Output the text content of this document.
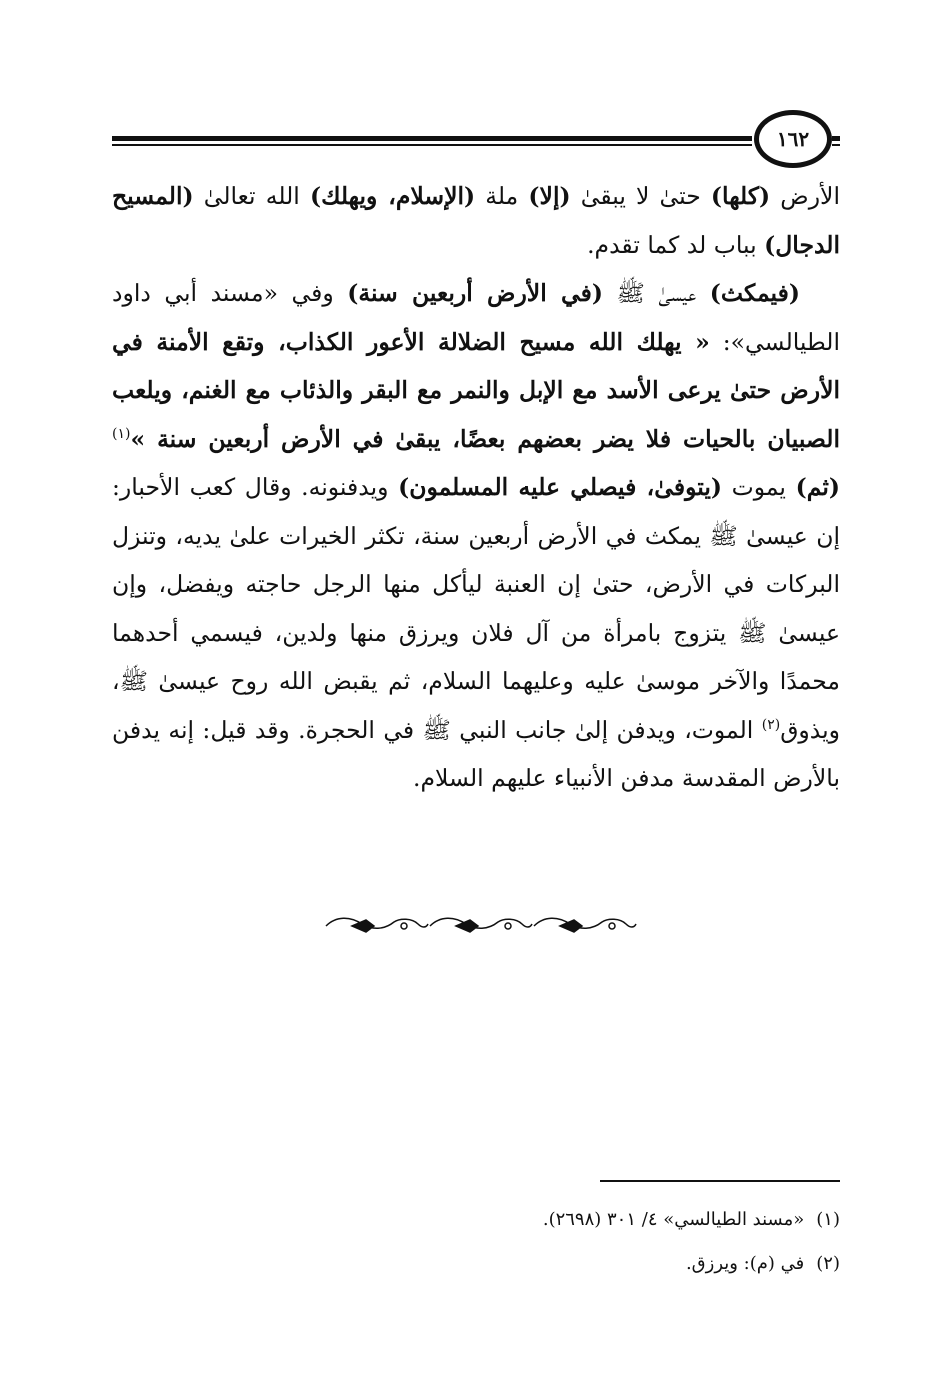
١٦٢

الأرض (كلها) حتىٰ لا يبقىٰ (إلا) ملة (الإسلام، ويهلك) الله تعالىٰ (المسيح الدجال) بباب لد كما تقدم.

(فيمكث) عيسىٰ ﷺ (في الأرض أربعين سنة) وفي «مسند أبي داود الطيالسي»: « يهلك الله مسيح الضلالة الأعور الكذاب، وتقع الأمنة في الأرض حتىٰ يرعى الأسد مع الإبل والنمر مع البقر والذئاب مع الغنم، ويلعب الصبيان بالحيات فلا يضر بعضهم بعضًا، يبقىٰ في الأرض أربعين سنة »$^{(١)}$ (ثم) يموت (يتوفىٰ، فيصلي عليه المسلمون) ويدفنونه. وقال كعب الأحبار: إن عيسىٰ ﷺ يمكث في الأرض أربعين سنة، تكثر الخيرات علىٰ يديه، وتنزل البركات في الأرض، حتىٰ إن العنبة ليأكل منها الرجل حاجته ويفضل، وإن عيسىٰ ﷺ يتزوج بامرأة من آل فلان ويرزق منها ولدين، فيسمي أحدهما محمدًا والآخر موسىٰ عليه وعليهما السلام، ثم يقبض الله روح عيسىٰ ﷺ، ويذوق$^{(٢)}$ الموت، ويدفن إلىٰ جانب النبي ﷺ في الحجرة. وقد قيل: إنه يدفن بالأرض المقدسة مدفن الأنبياء عليهم السلام.

(١)«مسند الطيالسي» ٤/ ٣٠١ (٢٦٩٨).
(٢)في (م): ويرزق.
